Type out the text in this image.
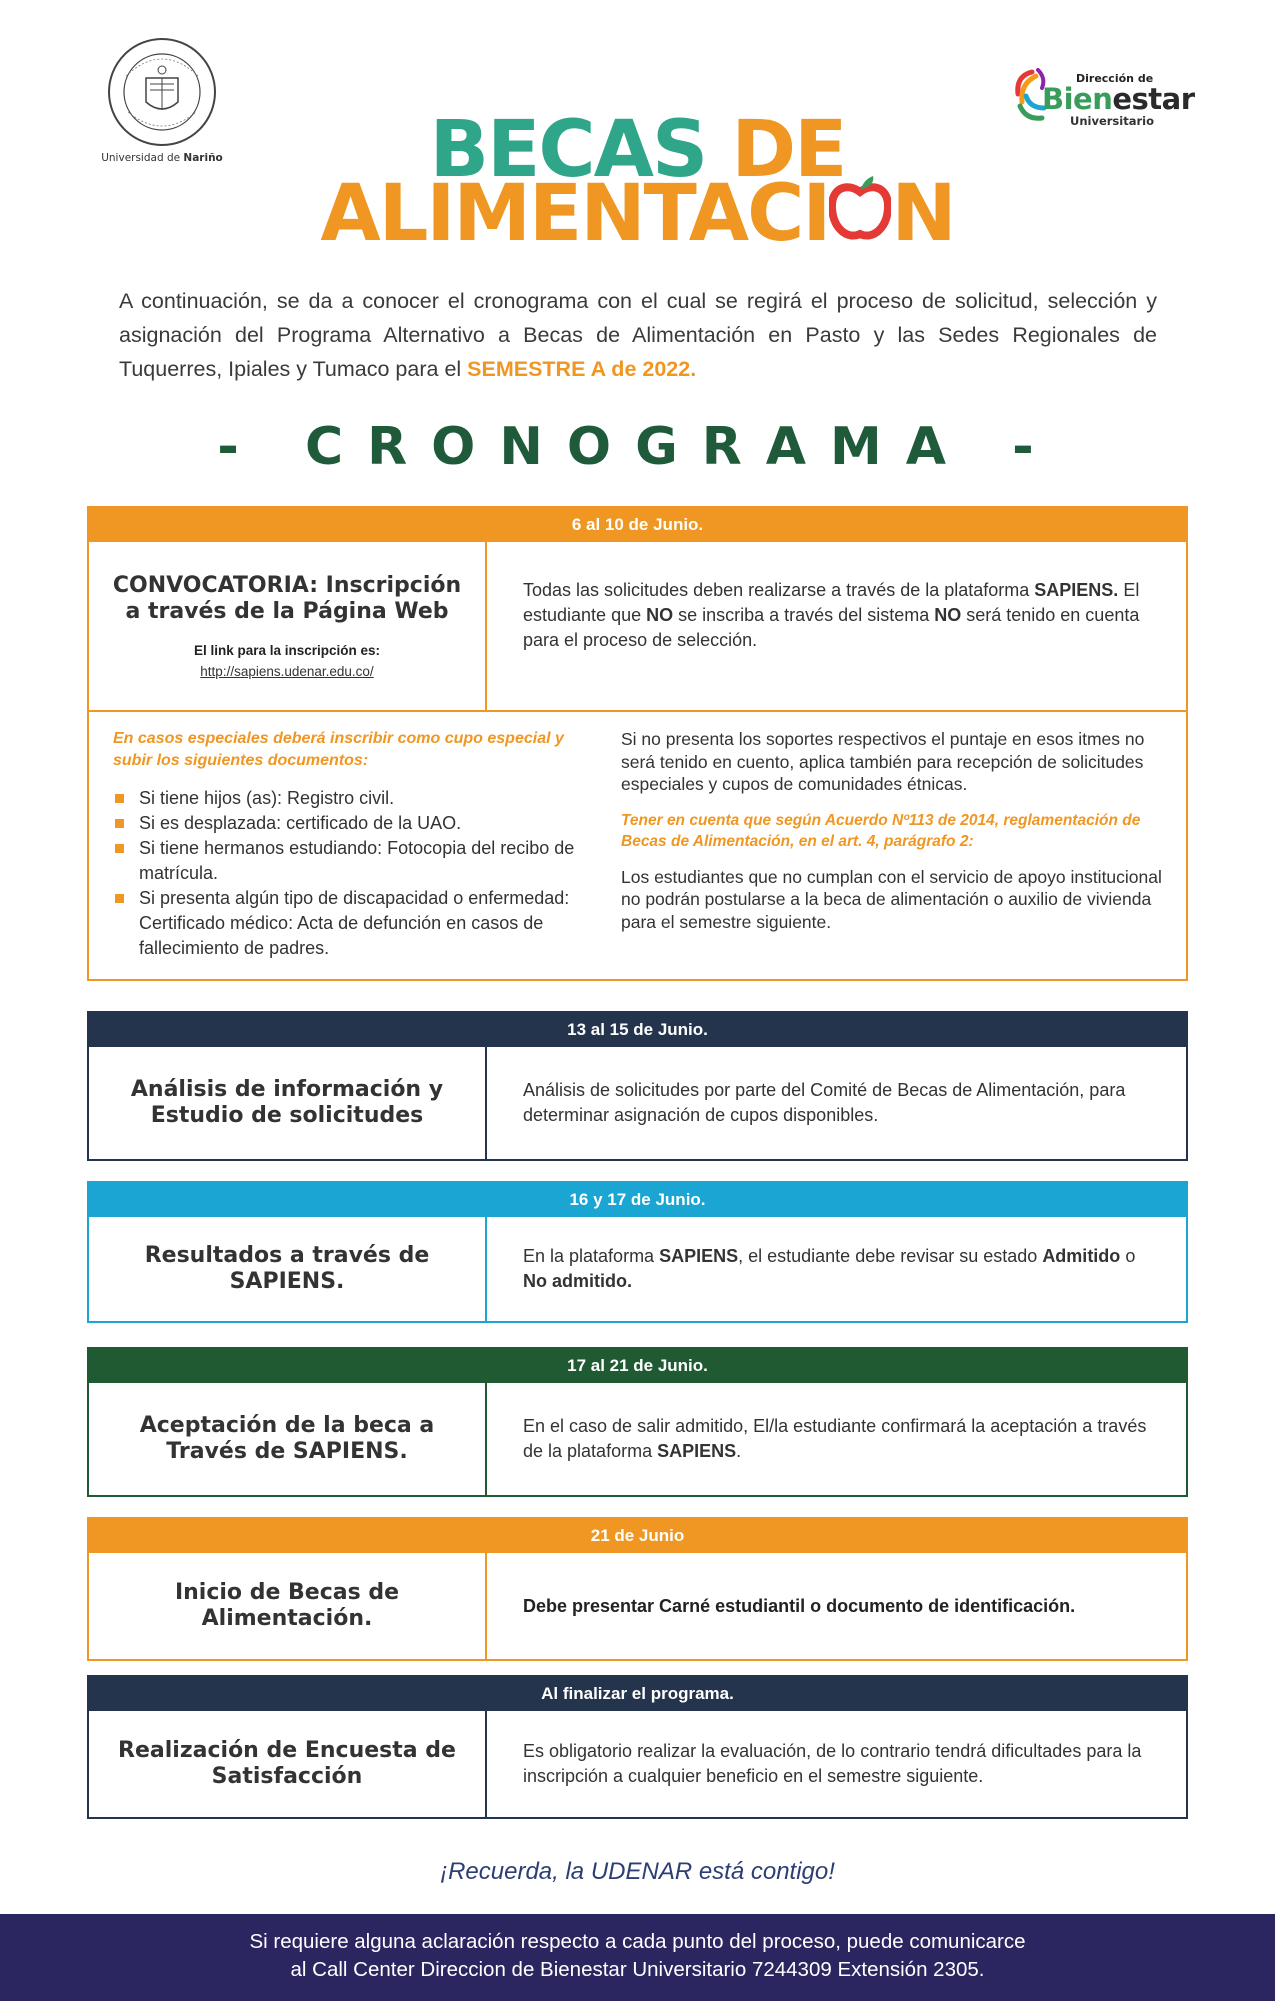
Universidad de Nariño
Dirección de
Bienestar
Universitario
BECAS DE
ALIMENTACI N
A continuación, se da a conocer el cronograma con el cual se regirá el proceso de solicitud, selección y asignación del Programa Alternativo a Becas de Alimentación en Pasto y las Sedes Regionales de Tuquerres, Ipiales y Tumaco para el SEMESTRE A de 2022.
- CRONOGRAMA -
6 al 10 de Junio.
CONVOCATORIA: Inscripción a través de la Página Web
El link para la inscripción es:
http://sapiens.udenar.edu.co/
Todas las solicitudes deben realizarse a través de la plataforma SAPIENS. El estudiante que NO se inscriba a través del sistema NO será tenido en cuenta para el proceso de selección.
En casos especiales deberá inscribir como cupo especial y subir los siguientes documentos:
Si tiene hijos (as): Registro civil.
Si es desplazada: certificado de la UAO.
Si tiene hermanos estudiando: Fotocopia del recibo de matrícula.
Si presenta algún tipo de discapacidad o enfermedad: Certificado médico: Acta de defunción en casos de fallecimiento de padres.
Si no presenta los soportes respectivos el puntaje en esos itmes no será tenido en cuento, aplica también para recepción de solicitudes especiales y cupos de comunidades étnicas.
Tener en cuenta que según Acuerdo Nº113 de 2014, reglamentación de Becas de Alimentación, en el art. 4, parágrafo 2:
Los estudiantes que no cumplan con el servicio de apoyo institucional no podrán postularse a la beca de alimentación o auxilio de vivienda para el semestre siguiente.
13 al 15 de Junio.
Análisis de información y Estudio de solicitudes
Análisis de solicitudes por parte del Comité de Becas de Alimentación, para determinar asignación de cupos disponibles.
16 y 17 de Junio.
Resultados a través de SAPIENS.
En la plataforma SAPIENS, el estudiante debe revisar su estado Admitido o No admitido.
17 al 21 de Junio.
Aceptación de la beca a Través de SAPIENS.
En el caso de salir admitido, El/la estudiante confirmará la aceptación a través de la plataforma SAPIENS.
21 de Junio
Inicio de Becas de Alimentación.
Debe presentar Carné estudiantil o documento de identificación.
Al finalizar el programa.
Realización de Encuesta de Satisfacción
Es obligatorio realizar la evaluación, de lo contrario tendrá dificultades para la inscripción a cualquier beneficio en el semestre siguiente.
¡Recuerda, la UDENAR está contigo!
Si requiere alguna aclaración respecto a cada punto del proceso, puede comunicarce
al Call Center Direccion de Bienestar Universitario 7244309 Extensión 2305.
